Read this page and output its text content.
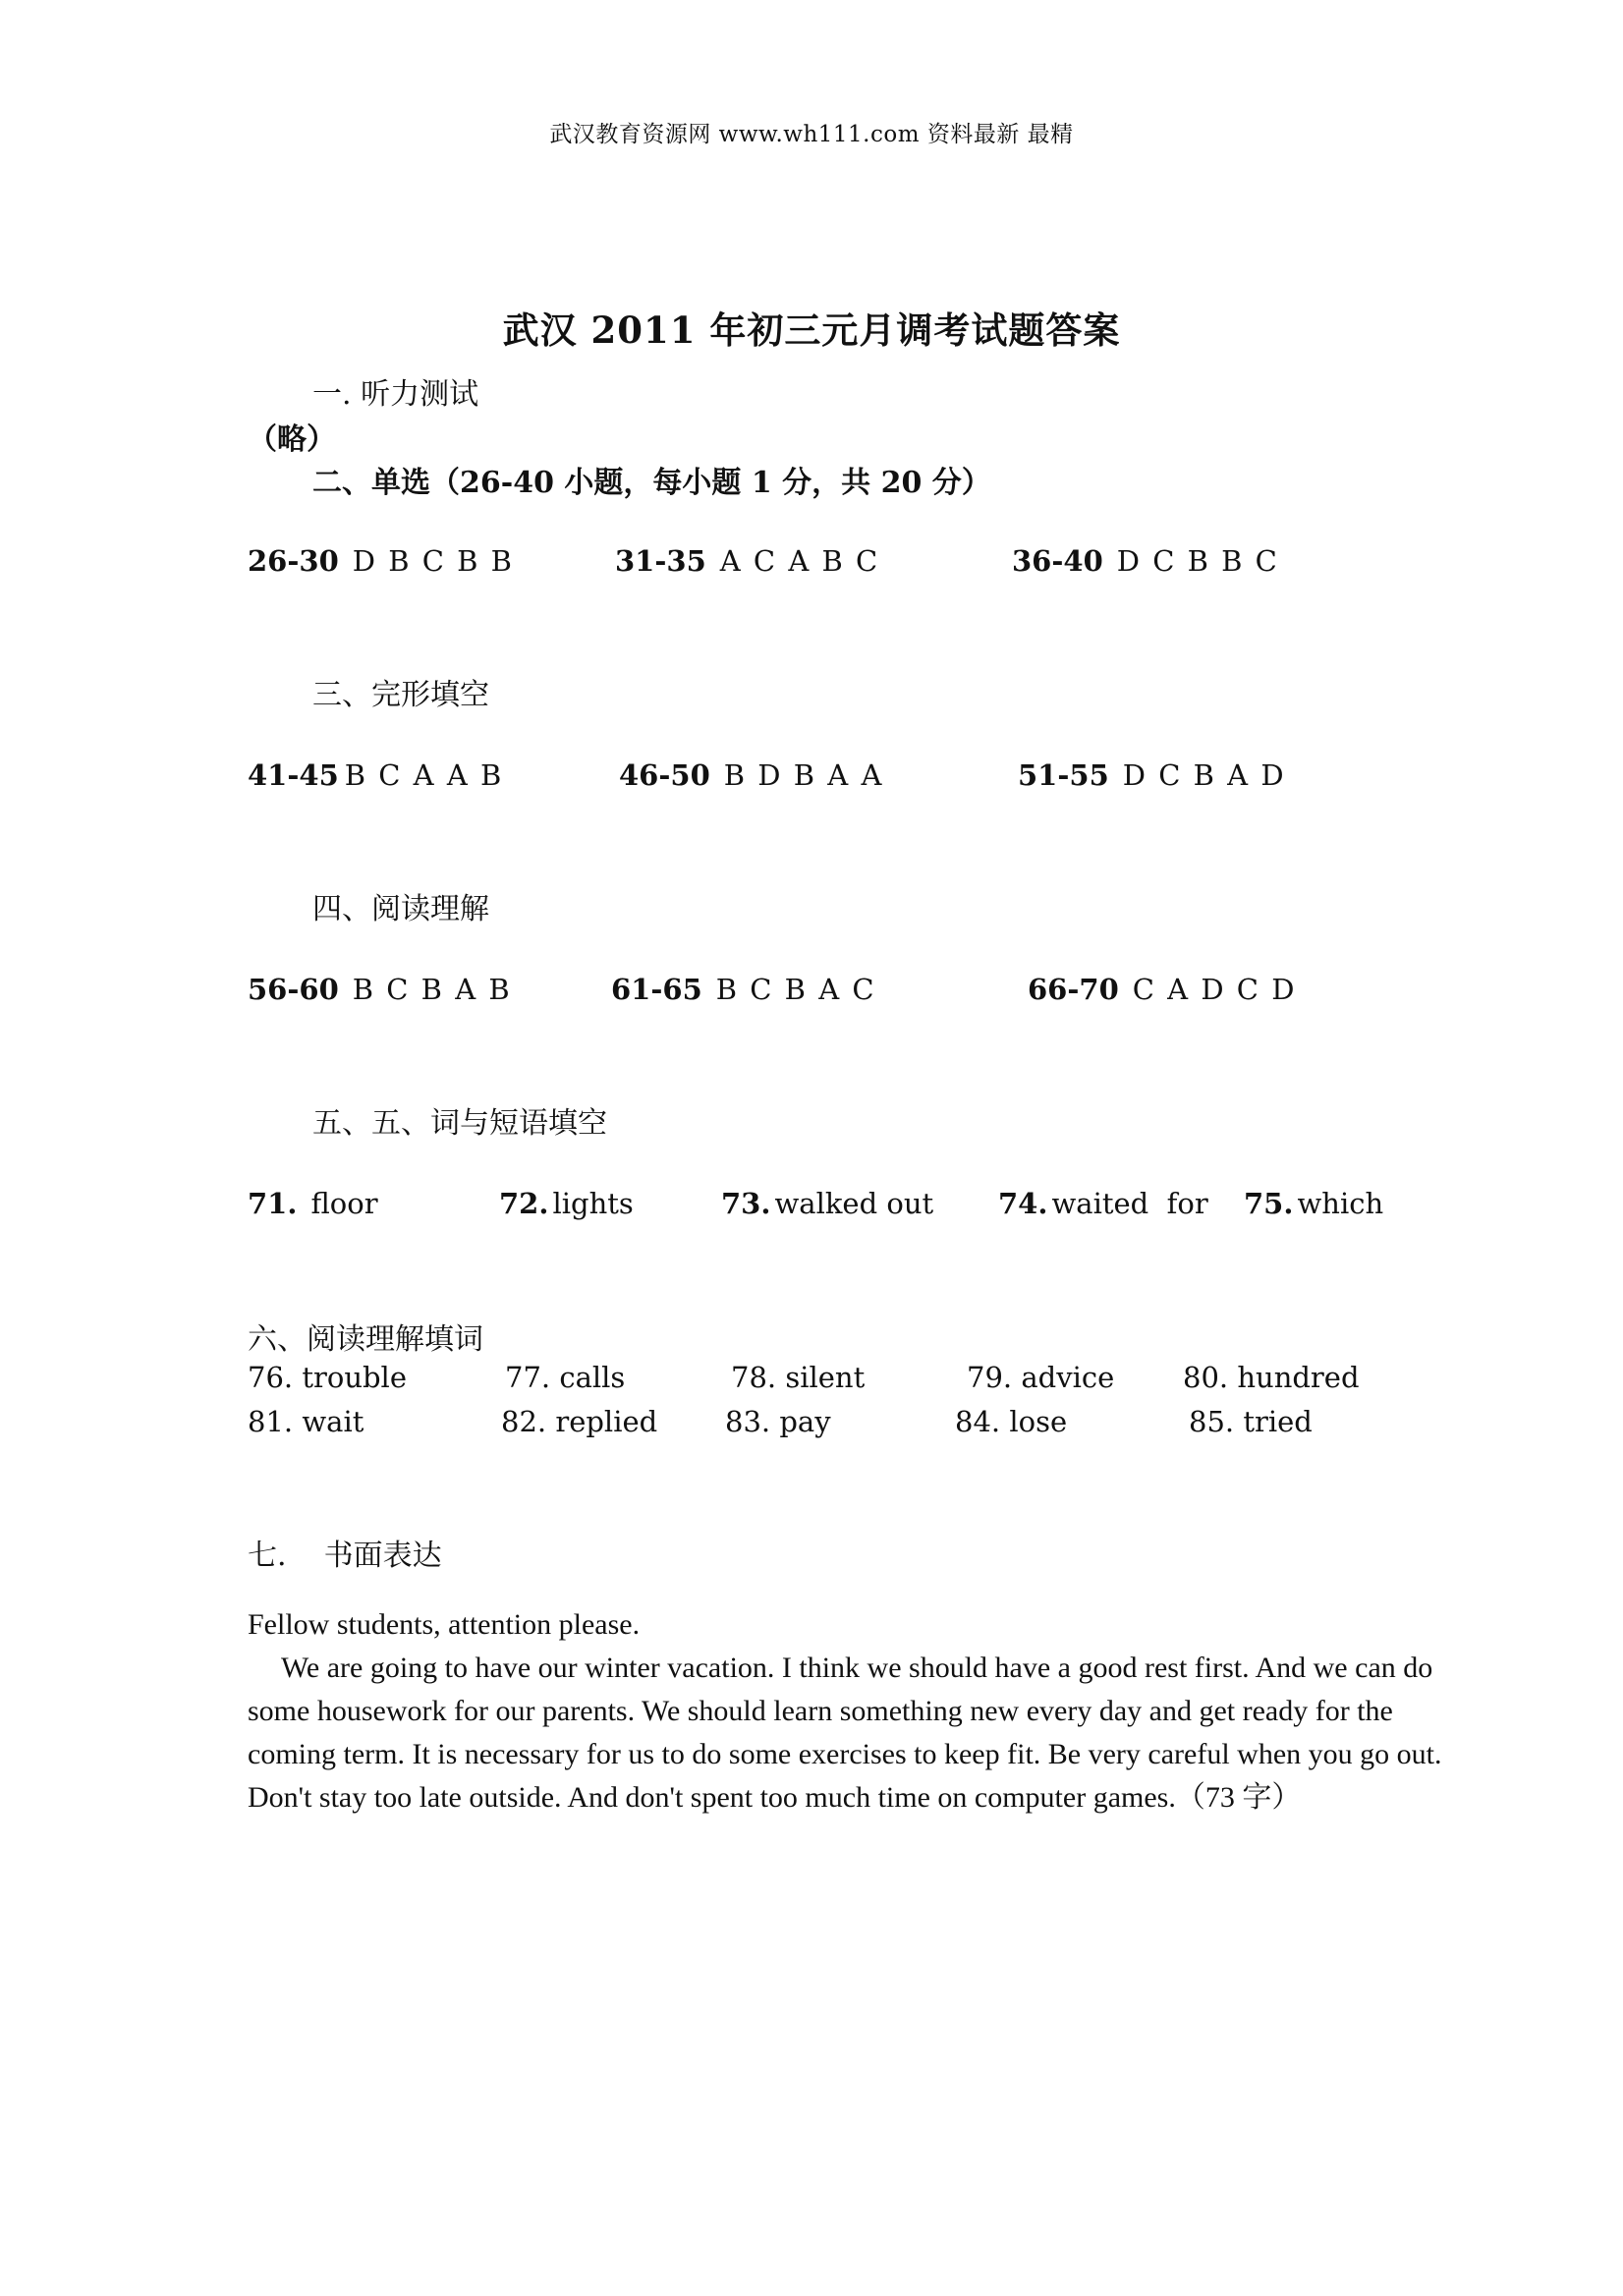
武汉教育资源网 www.wh111.com 资料最新 最精
武汉 2011 年初三元月调考试题答案
一. 听力测试
（略）
二、单选（26-40 小题，每小题 1 分，共 20 分）
26-30 D B C B B	31-35 A C A B C	36-40 D C B B C
三、完形填空
41-45 B C A A B	46-50 B D B A A	51-55 D C B A D
四、阅读理解
56-60 B C B A B	61-65 B C B A C	66-70 C A D C D
五、五、词与短语填空
71. floor	72. lights	73. walked out 74. waited  for 75. which
六、阅读理解填词
76. trouble	77. calls	78. silent	79. advice 80. hundred
81. wait	82. replied 83. pay	84. lose	85. tried
七.    书面表达

Fellow students, attention please.

We are going to have our winter vacation. I think we should have a good rest first. And we can do some housework for our parents. We should learn something new every day and get ready for the coming term. It is necessary for us to do some exercises to keep fit. Be very careful when you go out. Don't stay too late outside. And don't spent too much time on computer games.（73 字）
